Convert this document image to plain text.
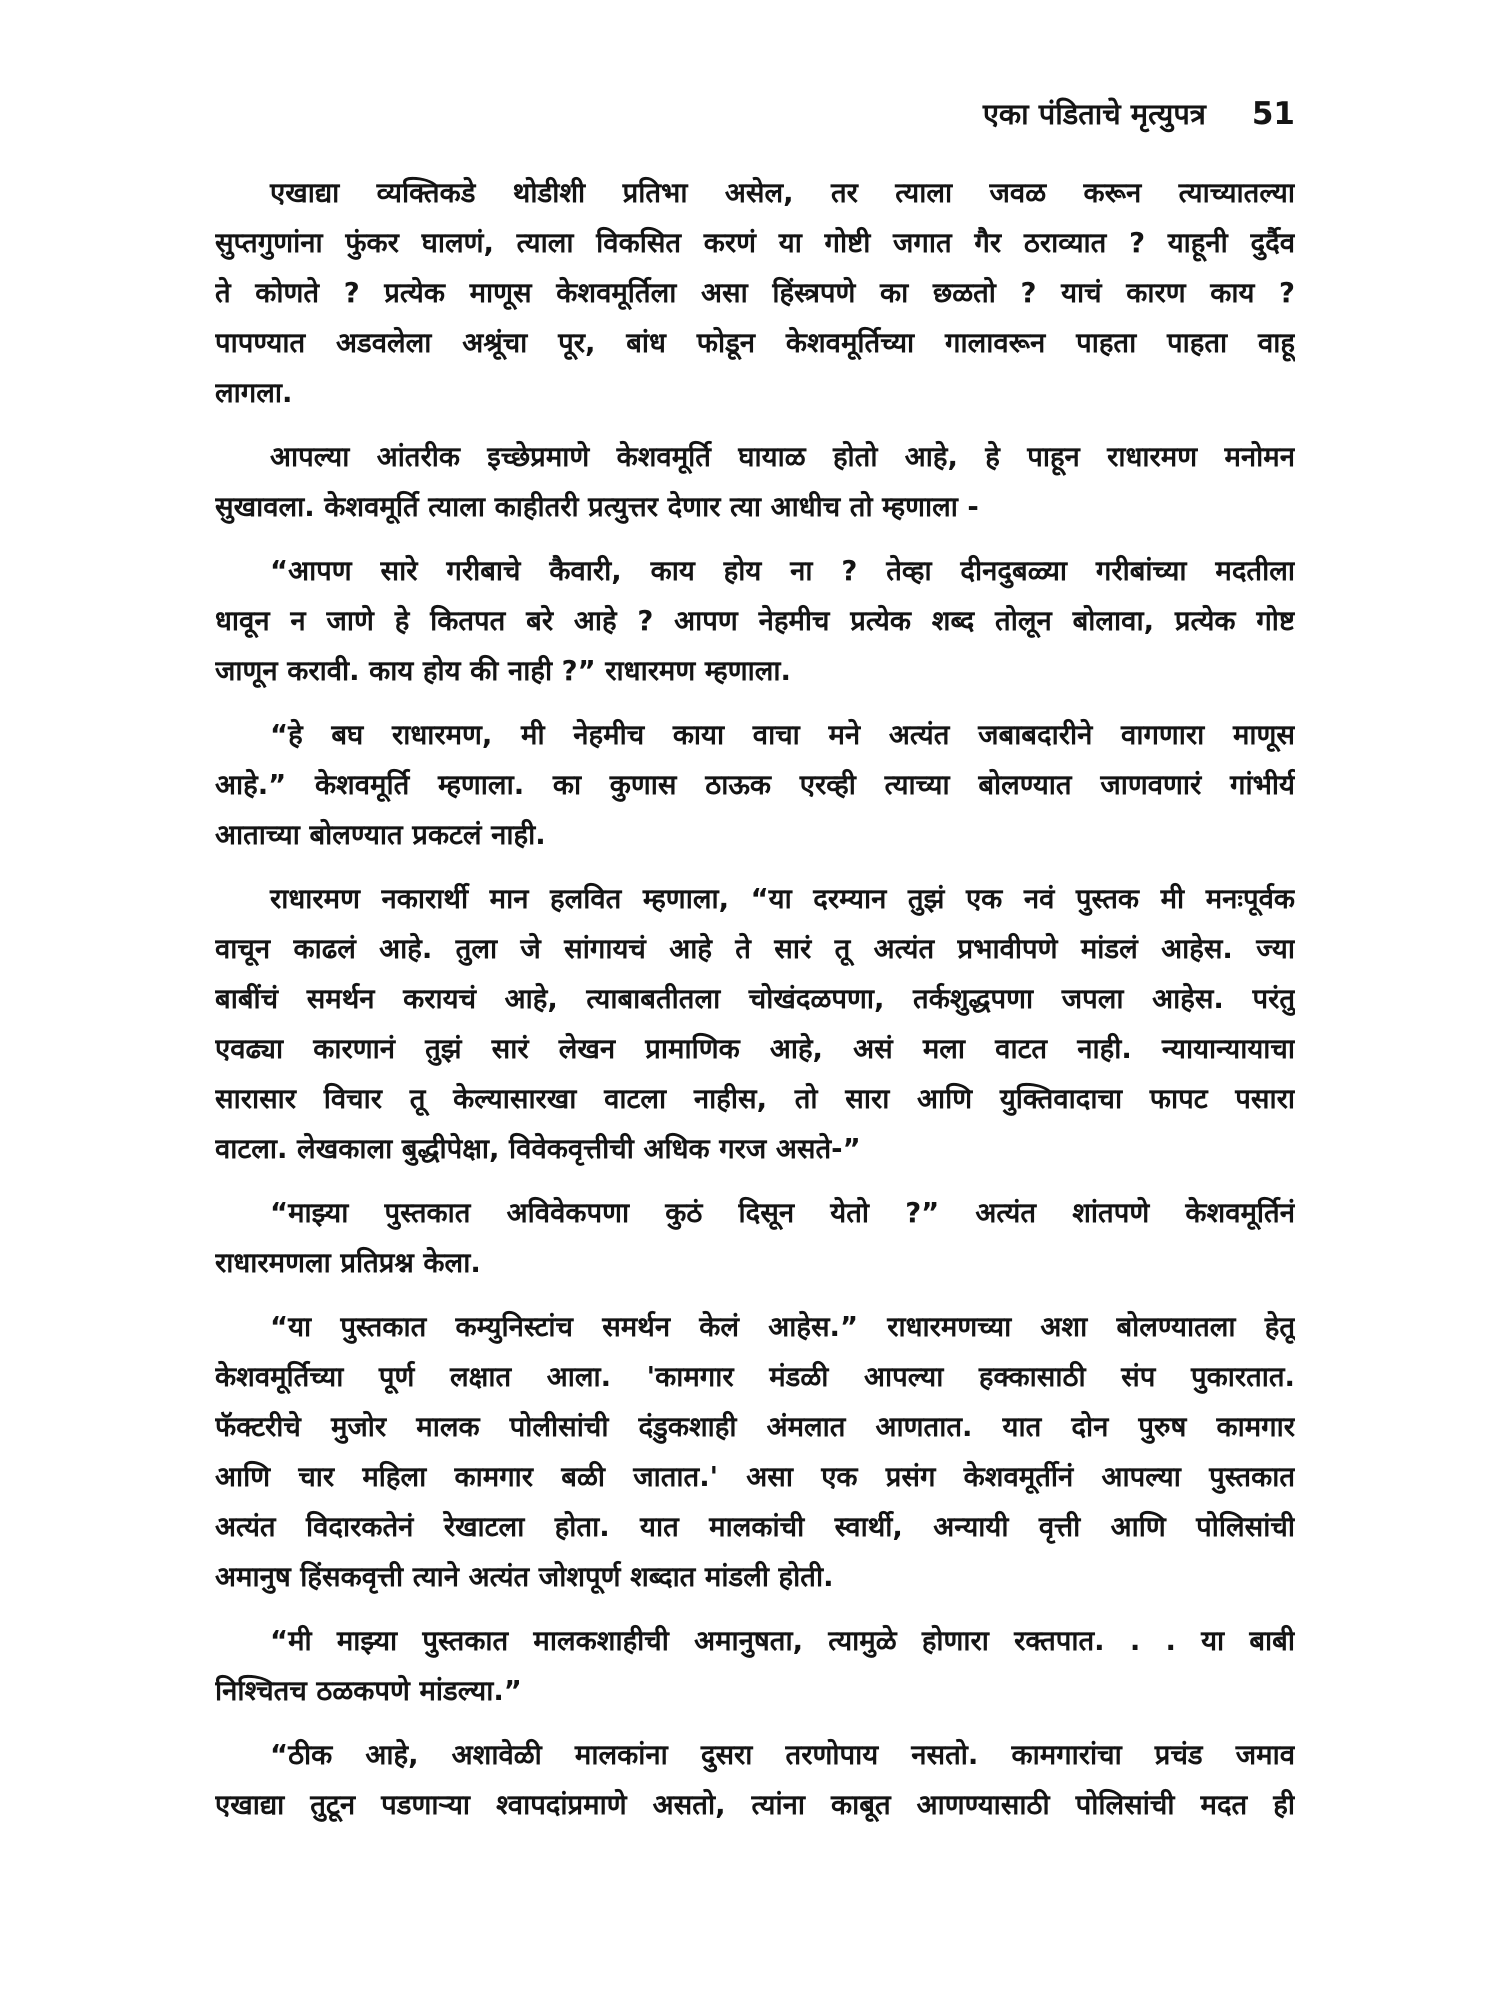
एका पंडिताचे मृत्युपत्र 51

एखाद्या व्यक्तिकडे थोडीशी प्रतिभा असेल, तर त्याला जवळ करून त्याच्यातल्या
सुप्तगुणांना फुंकर घालणं, त्याला विकसित करणं या गोष्टी जगात गैर ठराव्यात ? याहूनी दुर्दैव
ते कोणते ? प्रत्येक माणूस केशवमूर्तिला असा हिंस्त्रपणे का छळतो ? याचं कारण काय ?
पापण्यात अडवलेला अश्रूंचा पूर, बांध फोडून केशवमूर्तिच्या गालावरून पाहता पाहता वाहू
लागला.

आपल्या आंतरीक इच्छेप्रमाणे केशवमूर्ति घायाळ होतो आहे, हे पाहून राधारमण मनोमन
सुखावला. केशवमूर्ति त्याला काहीतरी प्रत्युत्तर देणार त्या आधीच तो म्हणाला -

“आपण सारे गरीबाचे कैवारी, काय होय ना ? तेव्हा दीनदुबळ्या गरीबांच्या मदतीला
धावून न जाणे हे कितपत बरे आहे ? आपण नेहमीच प्रत्येक शब्द तोलून बोलावा, प्रत्येक गोष्ट
जाणून करावी. काय होय की नाही ?” राधारमण म्हणाला.

“हे बघ राधारमण, मी नेहमीच काया वाचा मने अत्यंत जबाबदारीने वागणारा माणूस
आहे.” केशवमूर्ति म्हणाला. का कुणास ठाऊक एरव्ही त्याच्या बोलण्यात जाणवणारं गांभीर्य
आताच्या बोलण्यात प्रकटलं नाही.

राधारमण नकारार्थी मान हलवित म्हणाला, “या दरम्यान तुझं एक नवं पुस्तक मी मनःपूर्वक
वाचून काढलं आहे. तुला जे सांगायचं आहे ते सारं तू अत्यंत प्रभावीपणे मांडलं आहेस. ज्या
बाबींचं समर्थन करायचं आहे, त्याबाबतीतला चोखंदळपणा, तर्कशुद्धपणा जपला आहेस. परंतु
एवढ्या कारणानं तुझं सारं लेखन प्रामाणिक आहे, असं मला वाटत नाही. न्यायान्यायाचा
सारासार विचार तू केल्यासारखा वाटला नाहीस, तो सारा आणि युक्तिवादाचा फापट पसारा
वाटला. लेखकाला बुद्धीपेक्षा, विवेकवृत्तीची अधिक गरज असते-”

“माझ्या पुस्तकात अविवेकपणा कुठं दिसून येतो ?” अत्यंत शांतपणे केशवमूर्तिनं
राधारमणला प्रतिप्रश्न केला.

“या पुस्तकात कम्युनिस्टांच समर्थन केलं आहेस.” राधारमणच्या अशा बोलण्यातला हेतू
केशवमूर्तिच्या पूर्ण लक्षात आला. 'कामगार मंडळी आपल्या हक्कासाठी संप पुकारतात.
फॅक्टरीचे मुजोर मालक पोलीसांची दंडुकशाही अंमलात आणतात. यात दोन पुरुष कामगार
आणि चार महिला कामगार बळी जातात.' असा एक प्रसंग केशवमूर्तीनं आपल्या पुस्तकात
अत्यंत विदारकतेनं रेखाटला होता. यात मालकांची स्वार्थी, अन्यायी वृत्ती आणि पोलिसांची
अमानुष हिंसकवृत्ती त्याने अत्यंत जोशपूर्ण शब्दात मांडली होती.

“मी माझ्या पुस्तकात मालकशाहीची अमानुषता, त्यामुळे होणारा रक्तपात. . . या बाबी
निश्चितच ठळकपणे मांडल्या.”

“ठीक आहे, अशावेळी मालकांना दुसरा तरणोपाय नसतो. कामगारांचा प्रचंड जमाव
एखाद्या तुटून पडणाऱ्या श्वापदांप्रमाणे असतो, त्यांना काबूत आणण्यासाठी पोलिसांची मदत ही
